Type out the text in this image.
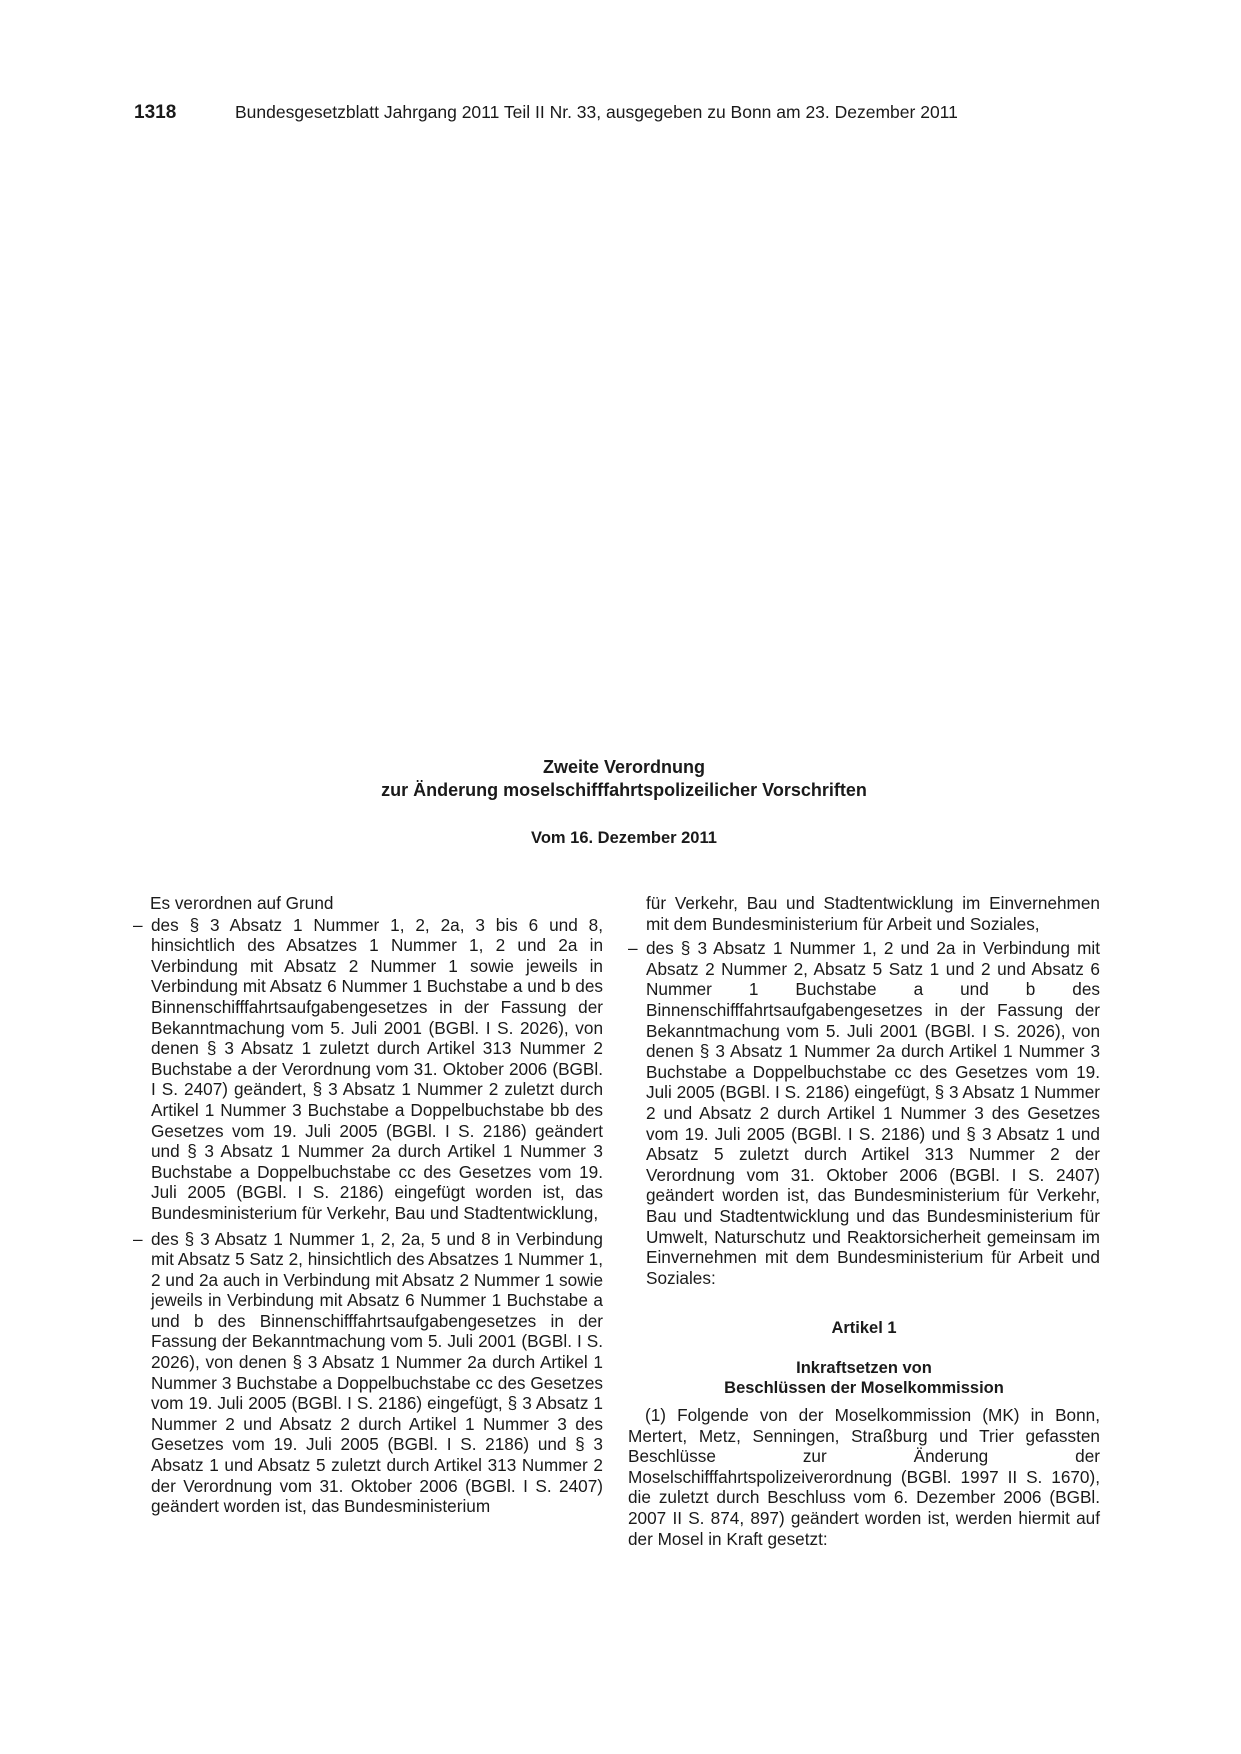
1318	Bundesgesetzblatt Jahrgang 2011 Teil II Nr. 33, ausgegeben zu Bonn am 23. Dezember 2011
Zweite Verordnung
zur Änderung moselschifffahrtspolizeilicher Vorschriften
Vom 16. Dezember 2011

Es verordnen auf Grund

– des § 3 Absatz 1 Nummer 1, 2, 2a, 3 bis 6 und 8, hinsichtlich des Absatzes 1 Nummer 1, 2 und 2a in Verbindung mit Absatz 2 Nummer 1 sowie jeweils in Verbindung mit Absatz 6 Nummer 1 Buchstabe a und b des Binnenschifffahrtsaufgabengesetzes in der Fassung der Bekanntmachung vom 5. Juli 2001 (BGBl. I S. 2026), von denen § 3 Absatz 1 zuletzt durch Artikel 313 Nummer 2 Buchstabe a der Verordnung vom 31. Oktober 2006 (BGBl. I S. 2407) geändert, § 3 Absatz 1 Nummer 2 zuletzt durch Artikel 1 Nummer 3 Buchstabe a Doppelbuchstabe bb des Gesetzes vom 19. Juli 2005 (BGBl. I S. 2186) geändert und § 3 Absatz 1 Nummer 2a durch Artikel 1 Nummer 3 Buchstabe a Doppelbuchstabe cc des Gesetzes vom 19. Juli 2005 (BGBl. I S. 2186) eingefügt worden ist, das Bundesministerium für Verkehr, Bau und Stadtentwicklung,

– des § 3 Absatz 1 Nummer 1, 2, 2a, 5 und 8 in Verbindung mit Absatz 5 Satz 2, hinsichtlich des Absatzes 1 Nummer 1, 2 und 2a auch in Verbindung mit Absatz 2 Nummer 1 sowie jeweils in Verbindung mit Absatz 6 Nummer 1 Buchstabe a und b des Binnenschifffahrtsaufgabengesetzes in der Fassung der Bekanntmachung vom 5. Juli 2001 (BGBl. I S. 2026), von denen § 3 Absatz 1 Nummer 2a durch Artikel 1 Nummer 3 Buchstabe a Doppelbuchstabe cc des Gesetzes vom 19. Juli 2005 (BGBl. I S. 2186) eingefügt, § 3 Absatz 1 Nummer 2 und Absatz 2 durch Artikel 1 Nummer 3 des Gesetzes vom 19. Juli 2005 (BGBl. I S. 2186) und § 3 Absatz 1 und Absatz 5 zuletzt durch Artikel 313 Nummer 2 der Verordnung vom 31. Oktober 2006 (BGBl. I S. 2407) geändert worden ist, das Bundesministerium

für Verkehr, Bau und Stadtentwicklung im Einvernehmen mit dem Bundesministerium für Arbeit und Soziales,

– des § 3 Absatz 1 Nummer 1, 2 und 2a in Verbindung mit Absatz 2 Nummer 2, Absatz 5 Satz 1 und 2 und Absatz 6 Nummer 1 Buchstabe a und b des Binnenschifffahrtsaufgabengesetzes in der Fassung der Bekanntmachung vom 5. Juli 2001 (BGBl. I S. 2026), von denen § 3 Absatz 1 Nummer 2a durch Artikel 1 Nummer 3 Buchstabe a Doppelbuchstabe cc des Gesetzes vom 19. Juli 2005 (BGBl. I S. 2186) eingefügt, § 3 Absatz 1 Nummer 2 und Absatz 2 durch Artikel 1 Nummer 3 des Gesetzes vom 19. Juli 2005 (BGBl. I S. 2186) und § 3 Absatz 1 und Absatz 5 zuletzt durch Artikel 313 Nummer 2 der Verordnung vom 31. Oktober 2006 (BGBl. I S. 2407) geändert worden ist, das Bundesministerium für Verkehr, Bau und Stadtentwicklung und das Bundesministerium für Umwelt, Naturschutz und Reaktorsicherheit gemeinsam im Einvernehmen mit dem Bundesministerium für Arbeit und Soziales:

Artikel 1
Inkraftsetzen von
Beschlüssen der Moselkommission

(1) Folgende von der Moselkommission (MK) in Bonn, Mertert, Metz, Senningen, Straßburg und Trier gefassten Beschlüsse zur Änderung der Moselschifffahrtspolizeiverordnung (BGBl. 1997 II S. 1670), die zuletzt durch Beschluss vom 6. Dezember 2006 (BGBl. 2007 II S. 874, 897) geändert worden ist, werden hiermit auf der Mosel in Kraft gesetzt:
